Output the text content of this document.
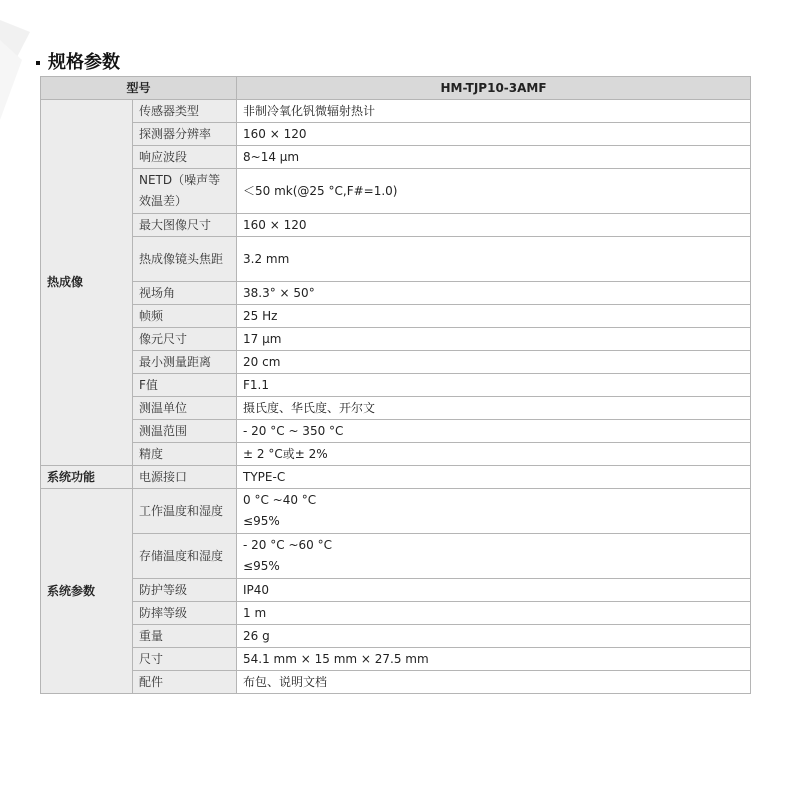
规格参数
型号		HM-TJP10-3AMF
热成像	传感器类型	非制冷氧化钒微辐射热计
	探测器分辨率	160 × 120
	响应波段	8~14 μm
	NETD（噪声等效温差）	＜50 mk(@25 °C,F#=1.0)
	最大图像尺寸	160 × 120
	热成像镜头焦距	3.2 mm
	视场角	38.3° × 50°
	帧频	25 Hz
	像元尺寸	17 μm
	最小测量距离	20 cm
	F值	F1.1
	测温单位	摄氏度、华氏度、开尔文
	测温范围	- 20 °C ~ 350 °C
	精度	± 2 °C或± 2%
系统功能	电源接口	TYPE-C
系统参数	工作温度和湿度	0 °C ~40 °C
≤95%

	存储温度和湿度	- 20 °C ~60 °C
≤95%

	防护等级	IP40
	防摔等级	1 m
	重量	26 g
	尺寸	54.1 mm × 15 mm × 27.5 mm
	配件	布包、说明文档
